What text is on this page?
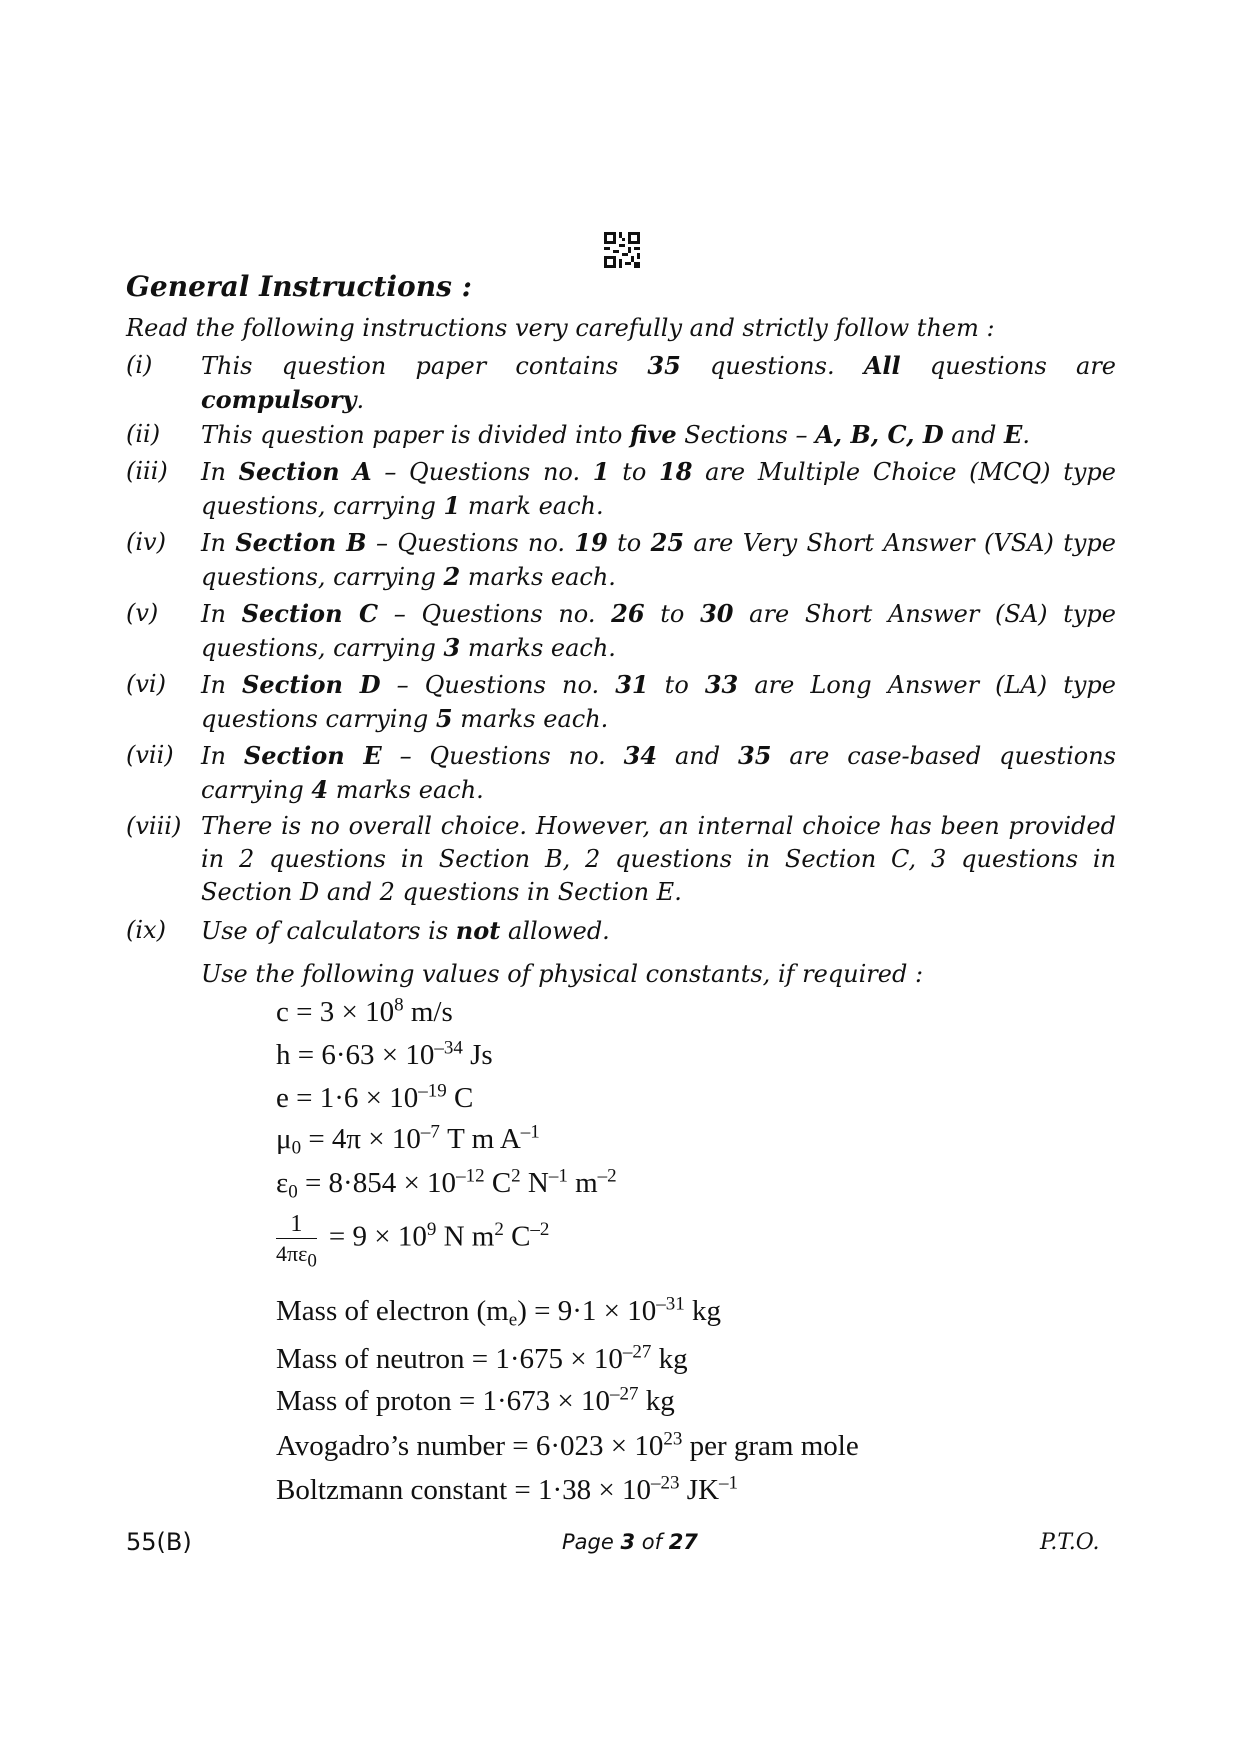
General Instructions :
Read the following instructions very carefully and strictly follow them :
(i)	This question paper contains 35 questions. All questions are
compulsory.
(ii)	This question paper is divided into five Sections – A, B, C, D and E.
(iii)	In Section A – Questions no. 1 to 18 are Multiple Choice (MCQ) type
questions, carrying 1 mark each.
(iv)	In Section B – Questions no. 19 to 25 are Very Short Answer (VSA) type
questions, carrying 2 marks each.
(v)	In Section C – Questions no. 26 to 30 are Short Answer (SA) type
questions, carrying 3 marks each.
(vi)	In Section D – Questions no. 31 to 33 are Long Answer (LA) type
questions carrying 5 marks each.
(vii)	In Section E – Questions no. 34 and 35 are case-based questions
carrying 4 marks each.
(viii) There is no overall choice. However, an internal choice has been provided
in 2 questions in Section B, 2 questions in Section C, 3 questions in
Section D and 2 questions in Section E.
(ix)	Use of calculators is not allowed.
Use the following values of physical constants, if required :
$c = 3 \times 10^8$ m/s
$h = 6\cdot 63 \times 10^{-34}$ Js
$e = 1\cdot 6 \times 10^{-19}$ C
$\mu_0 = 4\pi \times 10^{-7}$ T m $A^{-1}$
$\varepsilon_0 = 8\cdot 854 \times 10^{-12}$ $C^2$ $N^{-1}$ $m^{-2}$
$\frac{1}{4\pi\varepsilon_0} = 9 \times 10^9$ N $m^2$ $C^{-2}$
Mass of electron $(m_e) = 9\cdot 1 \times 10^{-31}$ kg
Mass of neutron = $1\cdot 675 \times 10^{-27}$ kg
Mass of proton = $1\cdot 673 \times 10^{-27}$ kg
Avogadro’s number = $6\cdot 023 \times 10^{23}$ per gram mole
Boltzmann constant = $1\cdot 38 \times 10^{-23}$ $JK^{-1}$
55(B)	Page 3 of 27	P.T.O.
